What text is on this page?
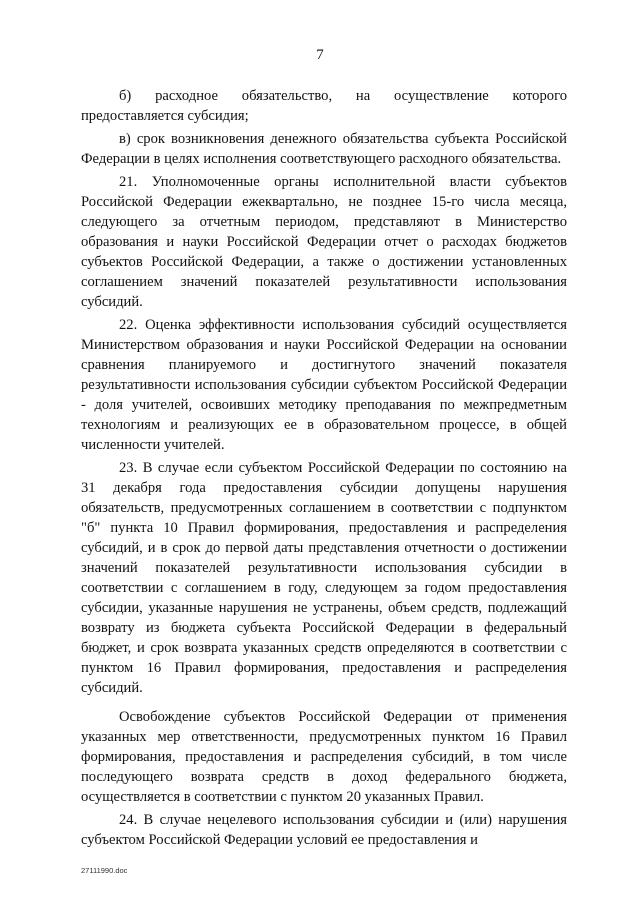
7

б) расходное обязательство, на осуществление которого предоставляется субсидия;

в) срок возникновения денежного обязательства субъекта Российской Федерации в целях исполнения соответствующего расходного обязательства.

21. Уполномоченные органы исполнительной власти субъектов Российской Федерации ежеквартально, не позднее 15-го числа месяца, следующего за отчетным периодом, представляют в Министерство образования и науки Российской Федерации отчет о расходах бюджетов субъектов Российской Федерации, а также о достижении установленных соглашением значений показателей результативности использования субсидий.

22. Оценка эффективности использования субсидий осуществляется Министерством образования и науки Российской Федерации на основании сравнения планируемого и достигнутого значений показателя результативности использования субсидии субъектом Российской Федерации - доля учителей, освоивших методику преподавания по межпредметным технологиям и реализующих ее в образовательном процессе, в общей численности учителей.

23. В случае если субъектом Российской Федерации по состоянию на 31 декабря года предоставления субсидии допущены нарушения обязательств, предусмотренных соглашением в соответствии с подпунктом "б" пункта 10 Правил формирования, предоставления и распределения субсидий, и в срок до первой даты представления отчетности о достижении значений показателей результативности использования субсидии в соответствии с соглашением в году, следующем за годом предоставления субсидии, указанные нарушения не устранены, объем средств, подлежащий возврату из бюджета субъекта Российской Федерации в федеральный бюджет, и срок возврата указанных средств определяются в соответствии с пунктом 16 Правил формирования, предоставления и распределения субсидий.

Освобождение субъектов Российской Федерации от применения указанных мер ответственности, предусмотренных пунктом 16 Правил формирования, предоставления и распределения субсидий, в том числе последующего возврата средств в доход федерального бюджета, осуществляется в соответствии с пунктом 20 указанных Правил.

24. В случае нецелевого использования субсидии и (или) нарушения субъектом Российской Федерации условий ее предоставления и

27111990.doc
